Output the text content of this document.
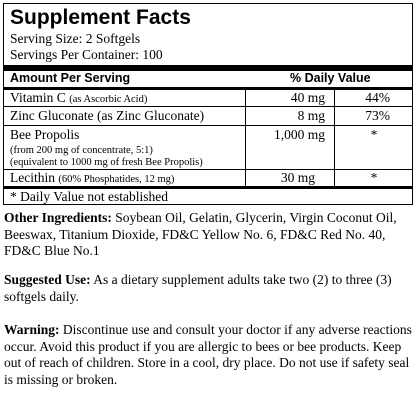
Supplement Facts
Serving Size: 2 Softgels
Servings Per Container: 100
Amount Per Serving	% Daily Value
Vitamin C (as Ascorbic Acid)	40 mg	44%
Zinc Gluconate (as Zinc Gluconate)	8 mg	73%
Bee Propolis
(from 200 mg of concentrate, 5:1)
(equivalent to 1000 mg of fresh Bee Propolis)
1,000 mg	*
Lecithin (60% Phosphatides, 12 mg)	30 mg	*
* Daily Value not established
Other Ingredients: Soybean Oil, Gelatin, Glycerin, Virgin Coconut Oil, Beeswax, Titanium Dioxide, FD&C Yellow No. 6, FD&C Red No. 40, FD&C Blue No.1
Suggested Use: As a dietary supplement adults take two (2) to three (3) softgels daily.
Warning: Discontinue use and consult your doctor if any adverse reactions occur. Avoid this product if you are allergic to bees or bee products. Keep out of reach of children. Store in a cool, dry place. Do not use if safety seal is missing or broken.
